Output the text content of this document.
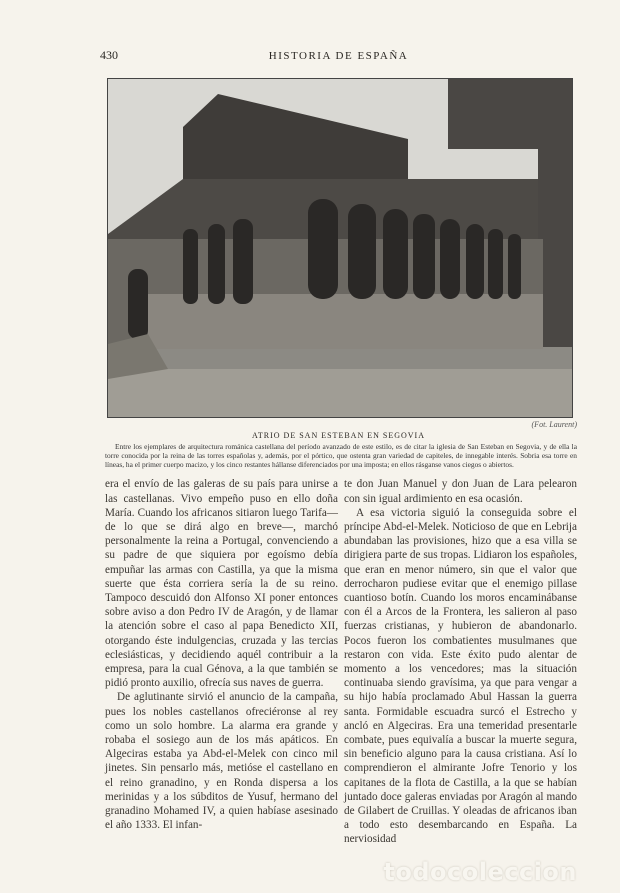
430	HISTORIA DE ESPAÑA
(Fot. Laurent)
ATRIO DE SAN ESTEBAN EN SEGOVIA
Entre los ejemplares de arquitectura románica castellana del período avanzado de este estilo, es de citar la iglesia de San Esteban en Segovia, y de ella la torre conocida por la reina de las torres españolas y, además, por el pórtico, que ostenta gran variedad de capiteles, de innegable interés. Sobria esa torre en líneas, ha el primer cuerpo macizo, y los cinco restantes hállanse diferenciados por una imposta; en ellos rásganse vanos ciegos o abiertos.

era el envío de las galeras de su país para unirse a las castellanas. Vivo empeño puso en ello doña María. Cuando los africanos sitiaron luego Tarifa—de lo que se dirá algo en breve—, marchó personalmente la reina a Portugal, convenciendo a su padre de que siquiera por egoísmo debía empuñar las armas con Castilla, ya que la misma suerte que ésta corriera sería la de su reino. Tampoco descuidó don Alfonso XI poner entonces sobre aviso a don Pedro IV de Aragón, y de llamar la atención sobre el caso al papa Benedicto XII, otorgando éste indulgencias, cruzada y las tercias eclesiásticas, y decidiendo aquél contribuir a la empresa, para la cual Génova, a la que también se pidió pronto auxilio, ofrecía sus naves de guerra.

De aglutinante sirvió el anuncio de la campaña, pues los nobles castellanos ofreciéronse al rey como un solo hombre. La alarma era grande y robaba el sosiego aun de los más apáticos. En Algeciras estaba ya Abd-el-Melek con cinco mil jinetes. Sin pensarlo más, metióse el castellano en el reino granadino, y en Ronda dispersa a los merinidas y a los súbditos de Yusuf, hermano del granadino Mohamed IV, a quien habíase asesinado el año 1333. El infan-

te don Juan Manuel y don Juan de Lara pelearon con sin igual ardimiento en esa ocasión.

A esa victoria siguió la conseguida sobre el príncipe Abd-el-Melek. Noticioso de que en Lebrija abundaban las provisiones, hizo que a esa villa se dirigiera parte de sus tropas. Lidiaron los españoles, que eran en menor número, sin que el valor que derrocharon pudiese evitar que el enemigo pillase cuantioso botín. Cuando los moros encaminábanse con él a Arcos de la Frontera, les salieron al paso fuerzas cristianas, y hubieron de abandonarlo. Pocos fueron los combatientes musulmanes que restaron con vida. Este éxito pudo alentar de momento a los vencedores; mas la situación continuaba siendo gravísima, ya que para vengar a su hijo había proclamado Abul Hassan la guerra santa. Formidable escuadra surcó el Estrecho y ancló en Algeciras. Era una temeridad presentarle combate, pues equivalía a buscar la muerte segura, sin beneficio alguno para la causa cristiana. Así lo comprendieron el almirante Jofre Tenorio y los capitanes de la flota de Castilla, a la que se habían juntado doce galeras enviadas por Aragón al mando de Gilabert de Cruillas. Y oleadas de africanos iban a todo esto desembarcando en España. La nerviosidad

todocoleccion
